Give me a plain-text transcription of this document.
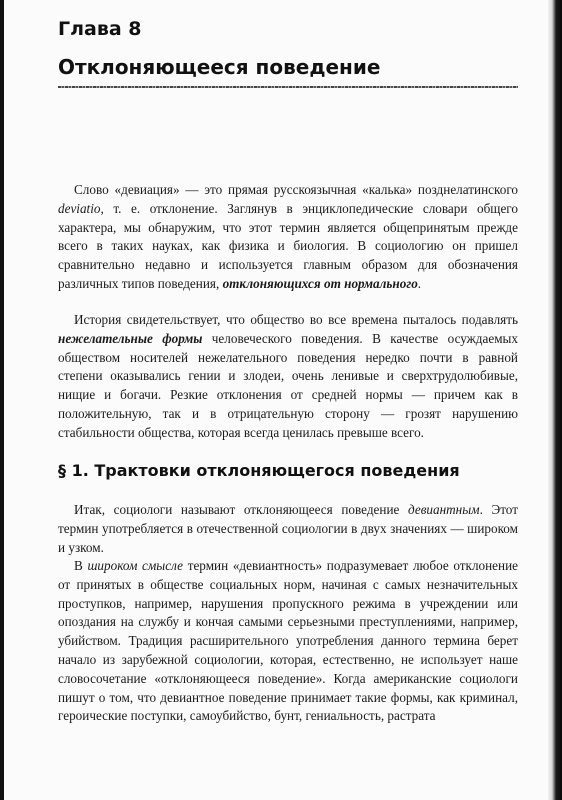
Глава 8
Отклоняющееся поведение

Слово «девиация» — это прямая русскоязычная «калька» позднелатинского deviatio, т. е. отклонение. Заглянув в энциклопедические словари общего характера, мы обнаружим, что этот термин является общепринятым прежде всего в таких науках, как физика и биология. В социологию он пришел сравнительно недавно и используется главным образом для обозначения различных типов поведения, отклоняющихся от нормального.

История свидетельствует, что общество во все времена пыталось подавлять нежелательные формы человеческого поведения. В качестве осуждаемых обществом носителей нежелательного поведения нередко почти в равной степени оказывались гении и злодеи, очень ленивые и сверхтрудолюбивые, нищие и богачи. Резкие отклонения от средней нормы — причем как в положительную, так и в отрицательную сторону — грозят нарушению стабильности общества, которая всегда ценилась превыше всего.

§ 1. Трактовки отклоняющегося поведения

Итак, социологи называют отклоняющееся поведение девиантным. Этот термин употребляется в отечественной социологии в двух значениях — широком и узком.

В широком смысле термин «девиантность» подразумевает любое отклонение от принятых в обществе социальных норм, начиная с самых незначительных проступков, например, нарушения пропускного режима в учреждении или опоздания на службу и кончая самыми серьезными преступлениями, например, убийством. Традиция расширительного употребления данного термина берет начало из зарубежной социологии, которая, естественно, не использует наше словосочетание «отклоняющееся поведение». Когда американские социологи пишут о том, что девиантное поведение принимает такие формы, как криминал, героические поступки, самоубийство, бунт, гениальность, растрата
